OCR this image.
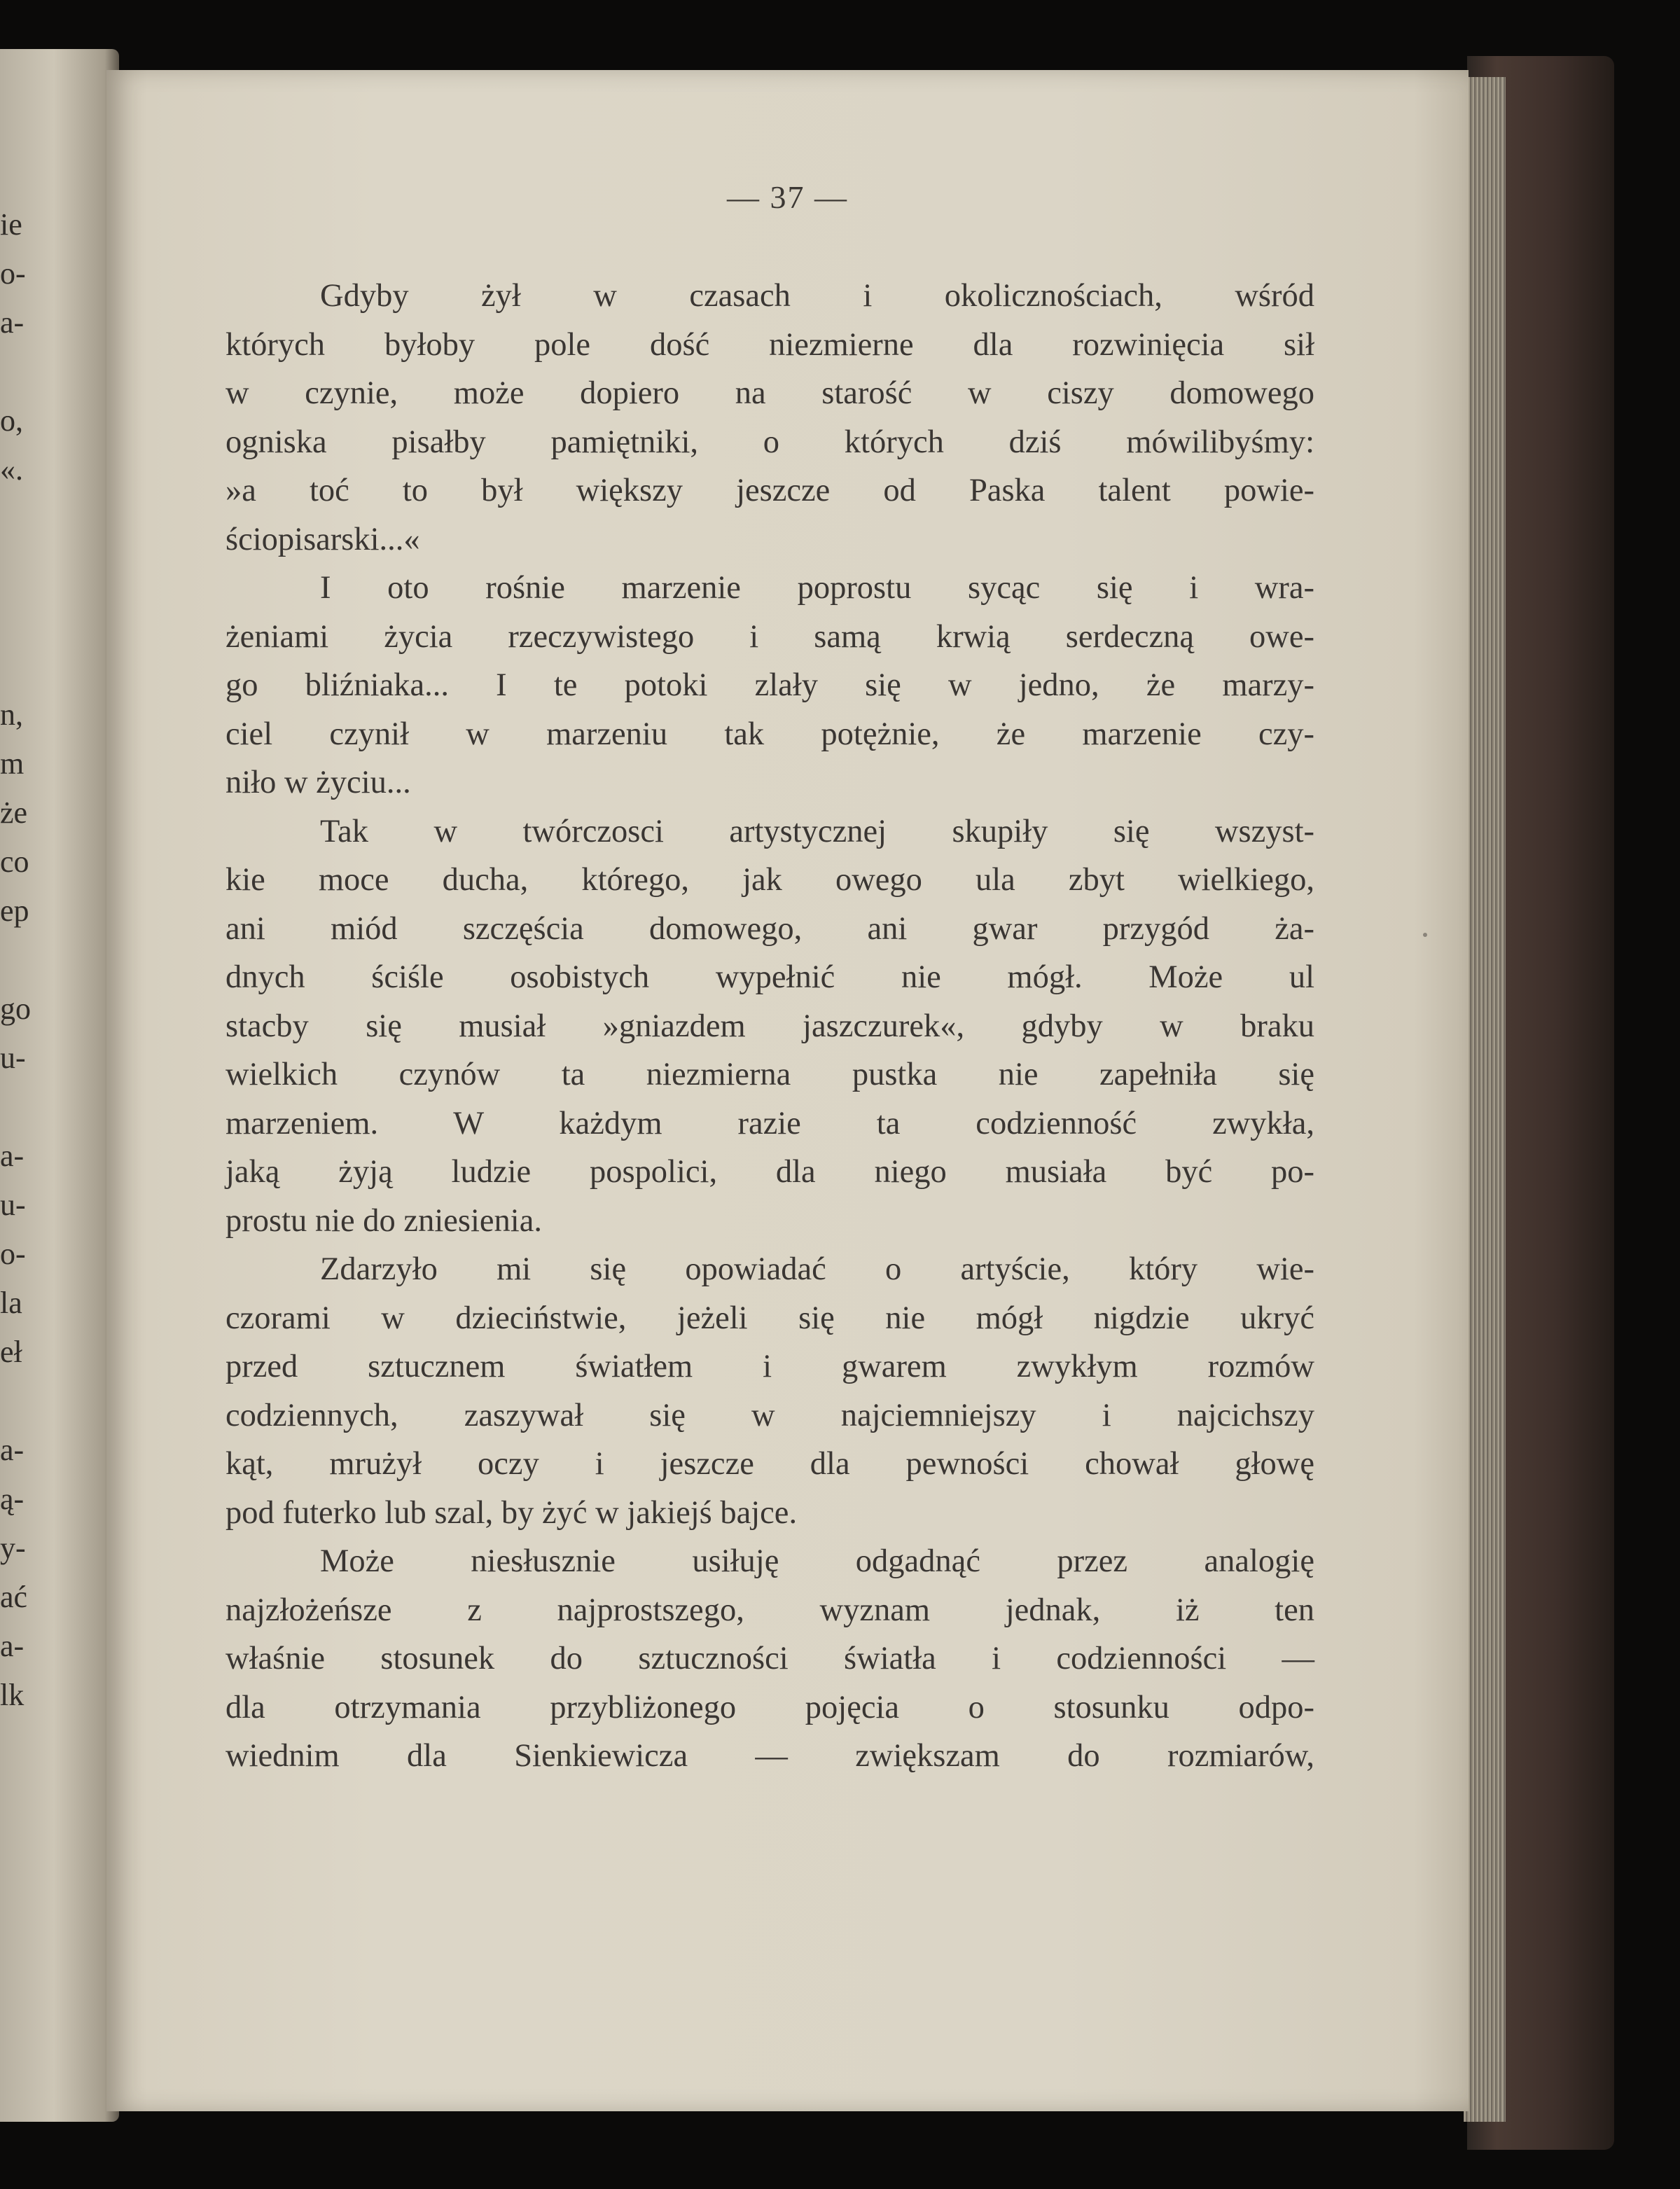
ie
o-
a-
o,
«.
n,
m
że
co
ep
go
u-
a-
u-
o-
la
eł
a-
ą-
y-
ać
a-
lk
— 37 —
Gdyby żył w czasach i okolicznościach, wśród
których byłoby pole dość niezmierne dla rozwinięcia sił
w czynie, może dopiero na starość w ciszy domowego
ogniska pisałby pamiętniki, o których dziś mówilibyśmy:
»a toć to był większy jeszcze od Paska talent powie-
ściopisarski...«
I oto rośnie marzenie poprostu sycąc się i wra-
żeniami życia rzeczywistego i samą krwią serdeczną owe-
go bliźniaka... I te potoki zlały się w jedno, że marzy-
ciel czynił w marzeniu tak potężnie, że marzenie czy-
niło w życiu...
Tak w twórczosci artystycznej skupiły się wszyst-
kie moce ducha, którego, jak owego ula zbyt wielkiego,
ani miód szczęścia domowego, ani gwar przygód ża-
dnych ściśle osobistych wypełnić nie mógł. Może ul
stacby się musiał »gniazdem jaszczurek«, gdyby w braku
wielkich czynów ta niezmierna pustka nie zapełniła się
marzeniem. W każdym razie ta codzienność zwykła,
jaką żyją ludzie pospolici, dla niego musiała być po-
prostu nie do zniesienia.
Zdarzyło mi się opowiadać o artyście, który wie-
czorami w dzieciństwie, jeżeli się nie mógł nigdzie ukryć
przed sztucznem światłem i gwarem zwykłym rozmów
codziennych, zaszywał się w najciemniejszy i najcichszy
kąt, mrużył oczy i jeszcze dla pewności chował głowę
pod futerko lub szal, by żyć w jakiejś bajce.
Może niesłusznie usiłuję odgadnąć przez analogię
najzłożeńsze z najprostszego, wyznam jednak, iż ten
właśnie stosunek do sztuczności światła i codzienności —
dla otrzymania przybliżonego pojęcia o stosunku odpo-
wiednim dla Sienkiewicza — zwiększam do rozmiarów,
